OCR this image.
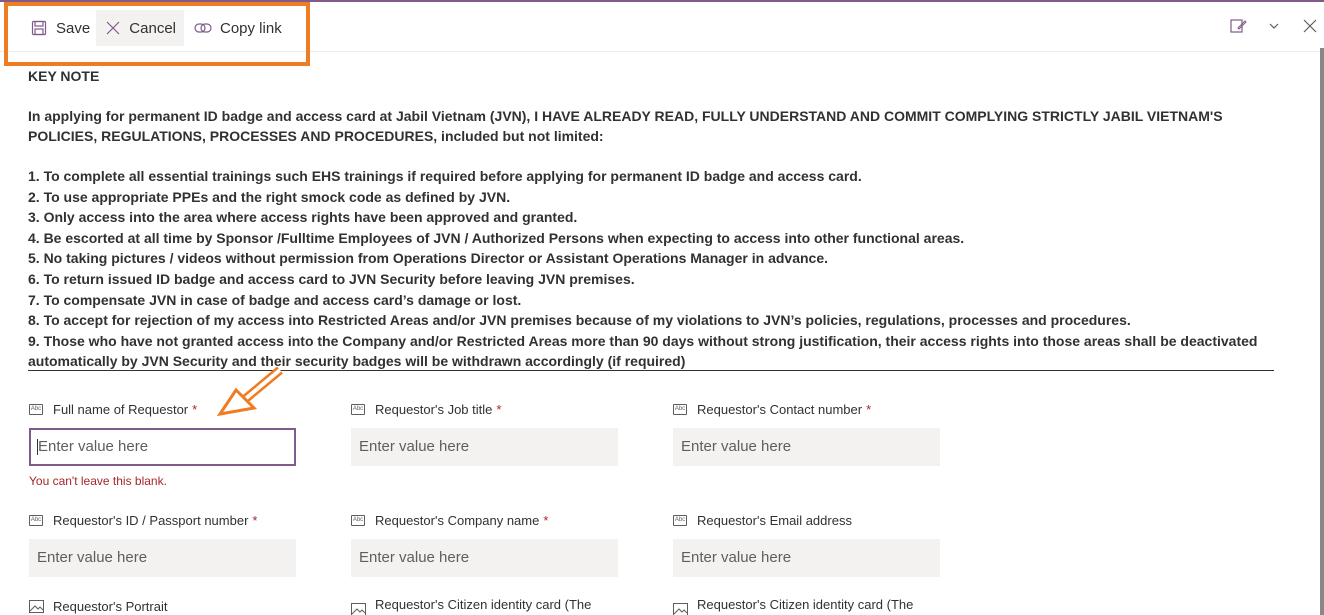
Save	Cancel	Copy link
KEY NOTE
In applying for permanent ID badge and access card at Jabil Vietnam (JVN), I HAVE ALREADY READ, FULLY UNDERSTAND AND COMMIT COMPLYING STRICTLY JABIL VIETNAM'S POLICIES, REGULATIONS, PROCESSES AND PROCEDURES, included but not limited:
1. To complete all essential trainings such EHS trainings if required before applying for permanent ID badge and access card.
2. To use appropriate PPEs and the right smock code as defined by JVN.
3. Only access into the area where access rights have been approved and granted.
4. Be escorted at all time by Sponsor /Fulltime Employees of JVN / Authorized Persons when expecting to access into other functional areas.
5. No taking pictures / videos without permission from Operations Director or Assistant Operations Manager in advance.
6. To return issued ID badge and access card to JVN Security before leaving JVN premises.
7. To compensate JVN in case of badge and access card’s damage or lost.
8. To accept for rejection of my access into Restricted Areas and/or JVN premises because of my violations to JVN’s policies, regulations, processes and procedures.
9. Those who have not granted access into the Company and/or Restricted Areas more than 90 days without strong justification, their access rights into those areas shall be deactivated automatically by JVN Security and their security badges will be withdrawn accordingly (if required)
Abc Full name of Requestor *
Enter value here
You can't leave this blank.
Abc Requestor's Job title *
Enter value here
Abc Requestor's Contact number *
Enter value here
Abc Requestor's ID / Passport number *
Enter value here
Abc Requestor's Company name *
Enter value here
Abc Requestor's Email address
Enter value here
Requestor's Portrait	Requestor's Citizen identity card (The	Requestor's Citizen identity card (The
